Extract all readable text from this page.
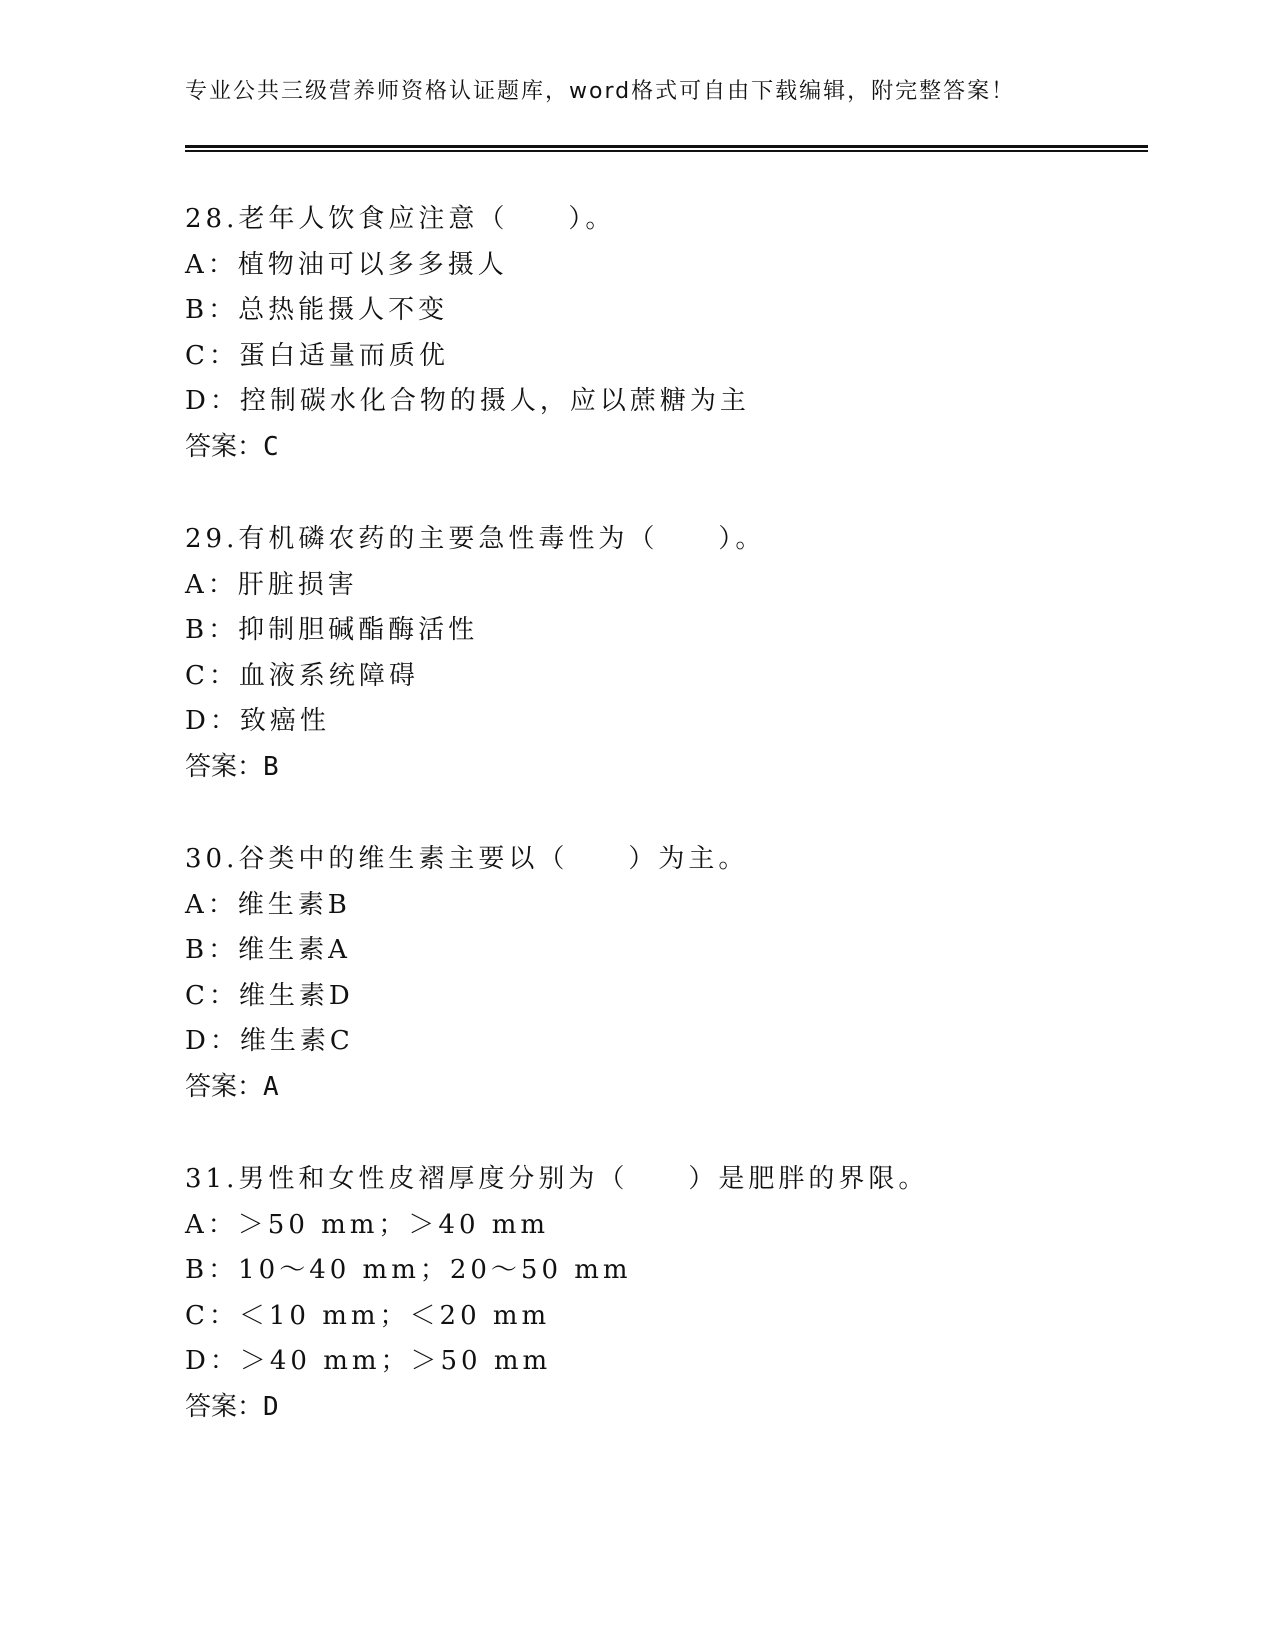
专业公共三级营养师资格认证题库，word格式可自由下载编辑，附完整答案！
28.老年人饮食应注意（　　）。
A：植物油可以多多摄人
B：总热能摄人不变
C：蛋白适量而质优
D：控制碳水化合物的摄人，应以蔗糖为主
答案：C
29.有机磷农药的主要急性毒性为（　　）。
A：肝脏损害
B：抑制胆碱酯酶活性
C：血液系统障碍
D：致癌性
答案：B
30.谷类中的维生素主要以（　　）为主。
A：维生素B
B：维生素A
C：维生素D
D：维生素C
答案：A
31.男性和女性皮褶厚度分别为（　　）是肥胖的界限。
A：＞50 mm；＞40 mm
B：10～40 mm；20～50 mm
C：＜10 mm；＜20 mm
D：＞40 mm；＞50 mm
答案：D
